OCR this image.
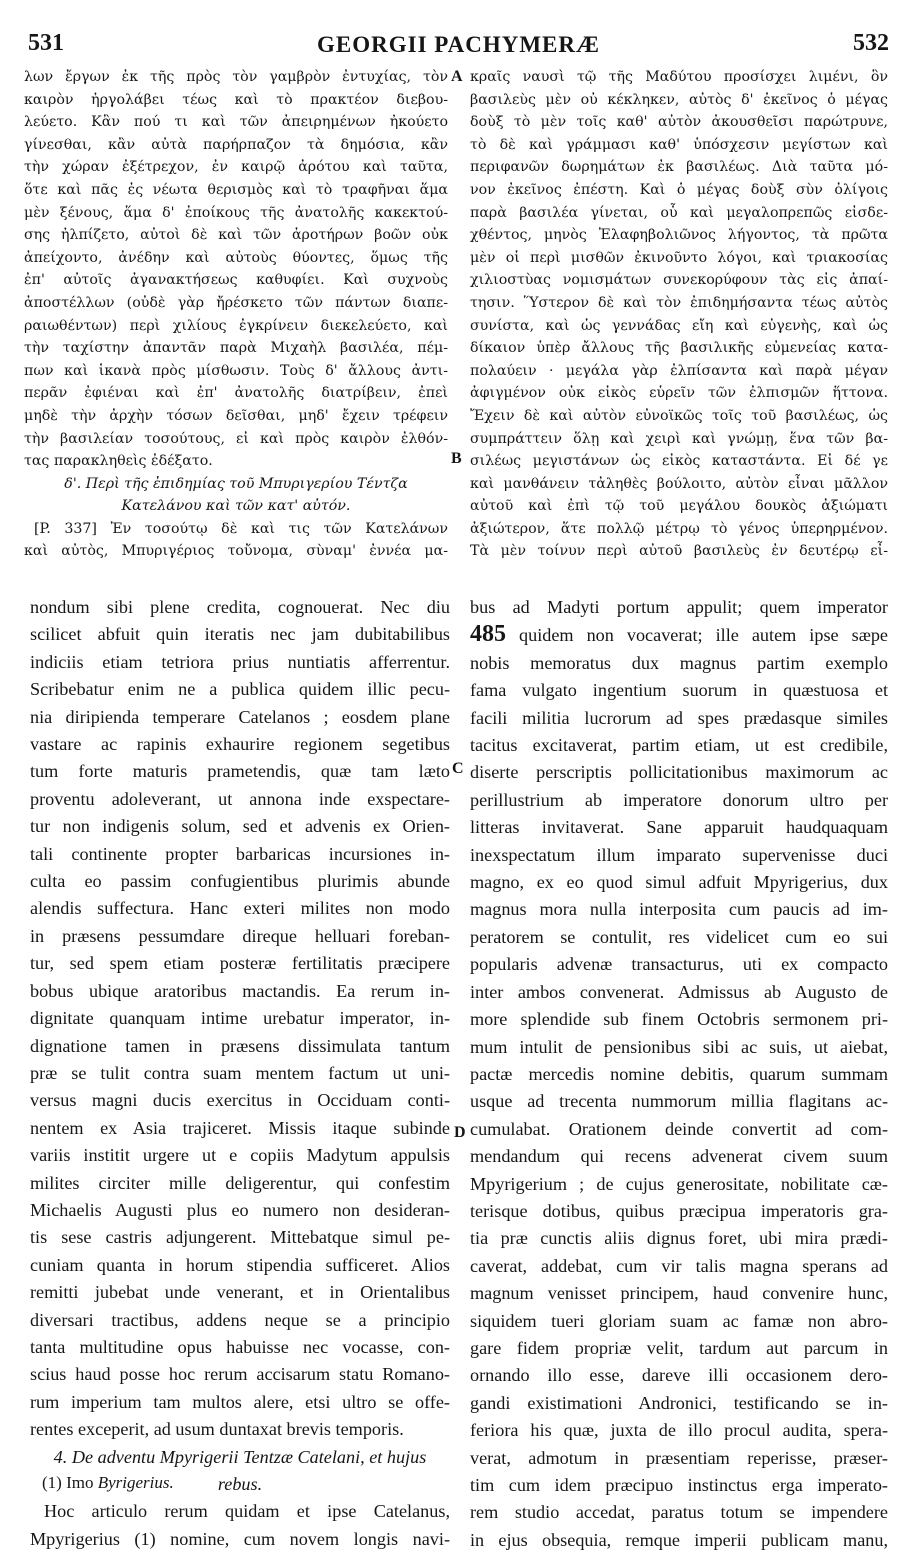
531	GEORGII PACHYMERÆ	532
λων ἔργων ἐκ τῆς πρὸς τὸν γαμβρὸν ἐντυχίας, τὸν
καιρὸν ἠργολάβει τέως καὶ τὸ πρακτέον διεβου-
λεύετο. Κἂν πού τι καὶ τῶν ἀπειρημένων ἠκούετο
γίνεσθαι, κἂν αὐτὰ παρήρπαζον τὰ δημόσια, κἂν
τὴν χώραν ἐξέτρεχον, ἐν καιρῷ ἀρότου καὶ ταῦτα,
ὅτε καὶ πᾶς ἐς νέωτα θερισμὸς καὶ τὸ τραφῆναι ἅμα
μὲν ξένους, ἅμα δ' ἐποίκους τῆς ἀνατολῆς κακεκτού-
σης ἠλπίζετο, αὐτοὶ δὲ καὶ τῶν ἀροτήρων βοῶν οὐκ
ἀπείχοντο, ἀνέδην καὶ αὐτοὺς θύοντες, ὅμως τῆς
ἐπ' αὐτοῖς ἀγανακτήσεως καθυφίει. Καὶ συχνοὺς
ἀποστέλλων (οὐδὲ γὰρ ἤρέσκετο τῶν πάντων διαπε-
ραιωθέντων) περὶ χιλίους ἐγκρίνειν διεκελεύετο, καὶ
τὴν ταχίστην ἀπαντᾶν παρὰ Μιχαὴλ βασιλέα, πέμ-
πων καὶ ἱκανὰ πρὸς μίσθωσιν. Τοὺς δ' ἄλλους ἀντι-
περᾶν ἐφιέναι καὶ ἐπ' ἀνατολῆς διατρίβειν, ἐπεὶ
μηδὲ τὴν ἀρχὴν τόσων δεῖσθαι, μηδ' ἔχειν τρέφειν
τὴν βασιλείαν τοσούτους, εἰ καὶ πρὸς καιρὸν ἐλθόν-
τας παρακληθεὶς ἐδέξατο.
δ'. Περὶ τῆς ἐπιδημίας τοῦ Μπυριγερίου Τέντζα
Κατελάνου καὶ τῶν κατ' αὐτόν.
[P. 337] Ἐν τοσούτῳ δὲ καὶ τις τῶν Κατελάνων
καὶ αὐτὸς, Μπυριγέριος τοὔνομα, σὺναμ' ἐννέα μα-
κραῖς ναυσὶ τῷ τῆς Μαδύτου προσίσχει λιμένι, ὃν
βασιλεὺς μὲν οὐ κέκληκεν, αὐτὸς δ' ἐκεῖνος ὁ μέγας
δοὺξ τὸ μὲν τοῖς καθ' αὐτὸν ἀκουσθεῖσι παρώτρυνε,
τὸ δὲ καὶ γράμμασι καθ' ὑπόσχεσιν μεγίστων καὶ
περιφανῶν δωρημάτων ἐκ βασιλέως. Διὰ ταῦτα μό-
νον ἐκεῖνος ἐπέστη. Καὶ ὁ μέγας δοὺξ σὺν ὀλίγοις
παρὰ βασιλέα γίνεται, οὗ καὶ μεγαλοπρεπῶς εἰσδε-
χθέντος, μηνὸς Ἐλαφηβολιῶνος λήγοντος, τὰ πρῶτα
μὲν οἱ περὶ μισθῶν ἐκινοῦντο λόγοι, καὶ τριακοσίας
χιλιοστὺας νομισμάτων συνεκορύφουν τὰς εἰς ἀπαί-
τησιν. Ὕστερον δὲ καὶ τὸν ἐπιδημήσαντα τέως αὐτὸς
συνίστα, καὶ ὡς γεννάδας εἴη καὶ εὐγενὴς, καὶ ὡς
δίκαιον ὑπὲρ ἄλλους τῆς βασιλικῆς εὐμενείας κατα-
πολαύειν · μεγάλα γὰρ ἐλπίσαντα καὶ παρὰ μέγαν
ἀφιγμένον οὐκ εἰκὸς εὑρεῖν τῶν ἐλπισμῶν ἥττονα.
Ἔχειν δὲ καὶ αὐτὸν εὐνοϊκῶς τοῖς τοῦ βασιλέως, ὡς
συμπράττειν ὅλῃ καὶ χειρὶ καὶ γνώμῃ, ἕνα τῶν βα-
σιλέως μεγιστάνων ὡς εἰκὸς καταστάντα. Εἰ δέ γε
καὶ μανθάνειν τἀληθὲς βούλοιτο, αὐτὸν εἶναι μᾶλλον
αὐτοῦ καὶ ἐπὶ τῷ τοῦ μεγάλου δουκὸς ἀξιώματι
ἀξιώτερον, ἅτε πολλῷ μέτρῳ τὸ γένος ὑπερηρμένον.
Τὰ μὲν τοίνυν περὶ αὐτοῦ βασιλεὺς ἐν δευτέρῳ εἶ-
A
B
C
D
nondum sibi plene credita, cognouerat. Nec diu
scilicet abfuit quin iteratis nec jam dubitabilibus
indiciis etiam tetriora prius nuntiatis afferrentur.
Scribebatur enim ne a publica quidem illic pecu-
nia diripienda temperare Catelanos ; eosdem plane
vastare ac rapinis exhaurire regionem segetibus
tum forte maturis prametendis, quæ tam læto
proventu adoleverant, ut annona inde exspectare-
tur non indigenis solum, sed et advenis ex Orien-
tali continente propter barbaricas incursiones in-
culta eo passim confugientibus plurimis abunde
alendis suffectura. Hanc exteri milites non modo
in præsens pessumdare direque helluari foreban-
tur, sed spem etiam posteræ fertilitatis præcipere
bobus ubique aratoribus mactandis. Ea rerum in-
dignitate quanquam intime urebatur imperator, in-
dignatione tamen in præsens dissimulata tantum
præ se tulit contra suam mentem factum ut uni-
versus magni ducis exercitus in Occiduam conti-
nentem ex Asia trajiceret. Missis itaque subinde
variis institit urgere ut e copiis Madytum appulsis
milites circiter mille deligerentur, qui confestim
Michaelis Augusti plus eo numero non desideran-
tis sese castris adjungerent. Mittebatque simul pe-
cuniam quanta in horum stipendia sufficeret. Alios
remitti jubebat unde venerant, et in Orientalibus
diversari tractibus, addens neque se a principio
tanta multitudine opus habuisse nec vocasse, con-
scius haud posse hoc rerum accisarum statu Romano-
rum imperium tam multos alere, etsi ultro se offe-
rentes exceperit, ad usum duntaxat brevis temporis.
4. De adventu Mpyrigerii Tentzæ Catelani, et hujus
rebus.
Hoc articulo rerum quidam et ipse Catelanus,
Mpyrigerius (1) nomine, cum novem longis navi-
bus ad Madyti portum appulit; quem imperator
485 quidem non vocaverat; ille autem ipse sæpe
nobis memoratus dux magnus partim exemplo
fama vulgato ingentium suorum in quæstuosa et
facili militia lucrorum ad spes prædasque similes
tacitus excitaverat, partim etiam, ut est credibile,
diserte perscriptis pollicitationibus maximorum ac
perillustrium ab imperatore donorum ultro per
litteras invitaverat. Sane apparuit haudquaquam
inexspectatum illum imparato supervenisse duci
magno, ex eo quod simul adfuit Mpyrigerius, dux
magnus mora nulla interposita cum paucis ad im-
peratorem se contulit, res videlicet cum eo sui
popularis advenæ transacturus, uti ex compacto
inter ambos convenerat. Admissus ab Augusto de
more splendide sub finem Octobris sermonem pri-
mum intulit de pensionibus sibi ac suis, ut aiebat,
pactæ mercedis nomine debitis, quarum summam
usque ad trecenta nummorum millia flagitans ac-
cumulabat. Orationem deinde convertit ad com-
mendandum qui recens advenerat civem suum
Mpyrigerium ; de cujus generositate, nobilitate cæ-
terisque dotibus, quibus præcipua imperatoris gra-
tia præ cunctis aliis dignus foret, ubi mira prædi-
caverat, addebat, cum vir talis magna sperans ad
magnum venisset principem, haud convenire hunc,
siquidem tueri gloriam suam ac famæ non abro-
gare fidem propriæ velit, tardum aut parcum in
ornando illo esse, dareve illi occasionem dero-
gandi existimationi Andronici, testificando se in-
feriora his quæ, juxta de illo procul audita, spera-
verat, admotum in præsentiam reperisse, præser-
tim cum idem præcipuo instinctus erga imperato-
rem studio accedat, paratus totum se impendere
in ejus obsequia, remque imperii publicam manu,
(1) Imo Byrigerius.
